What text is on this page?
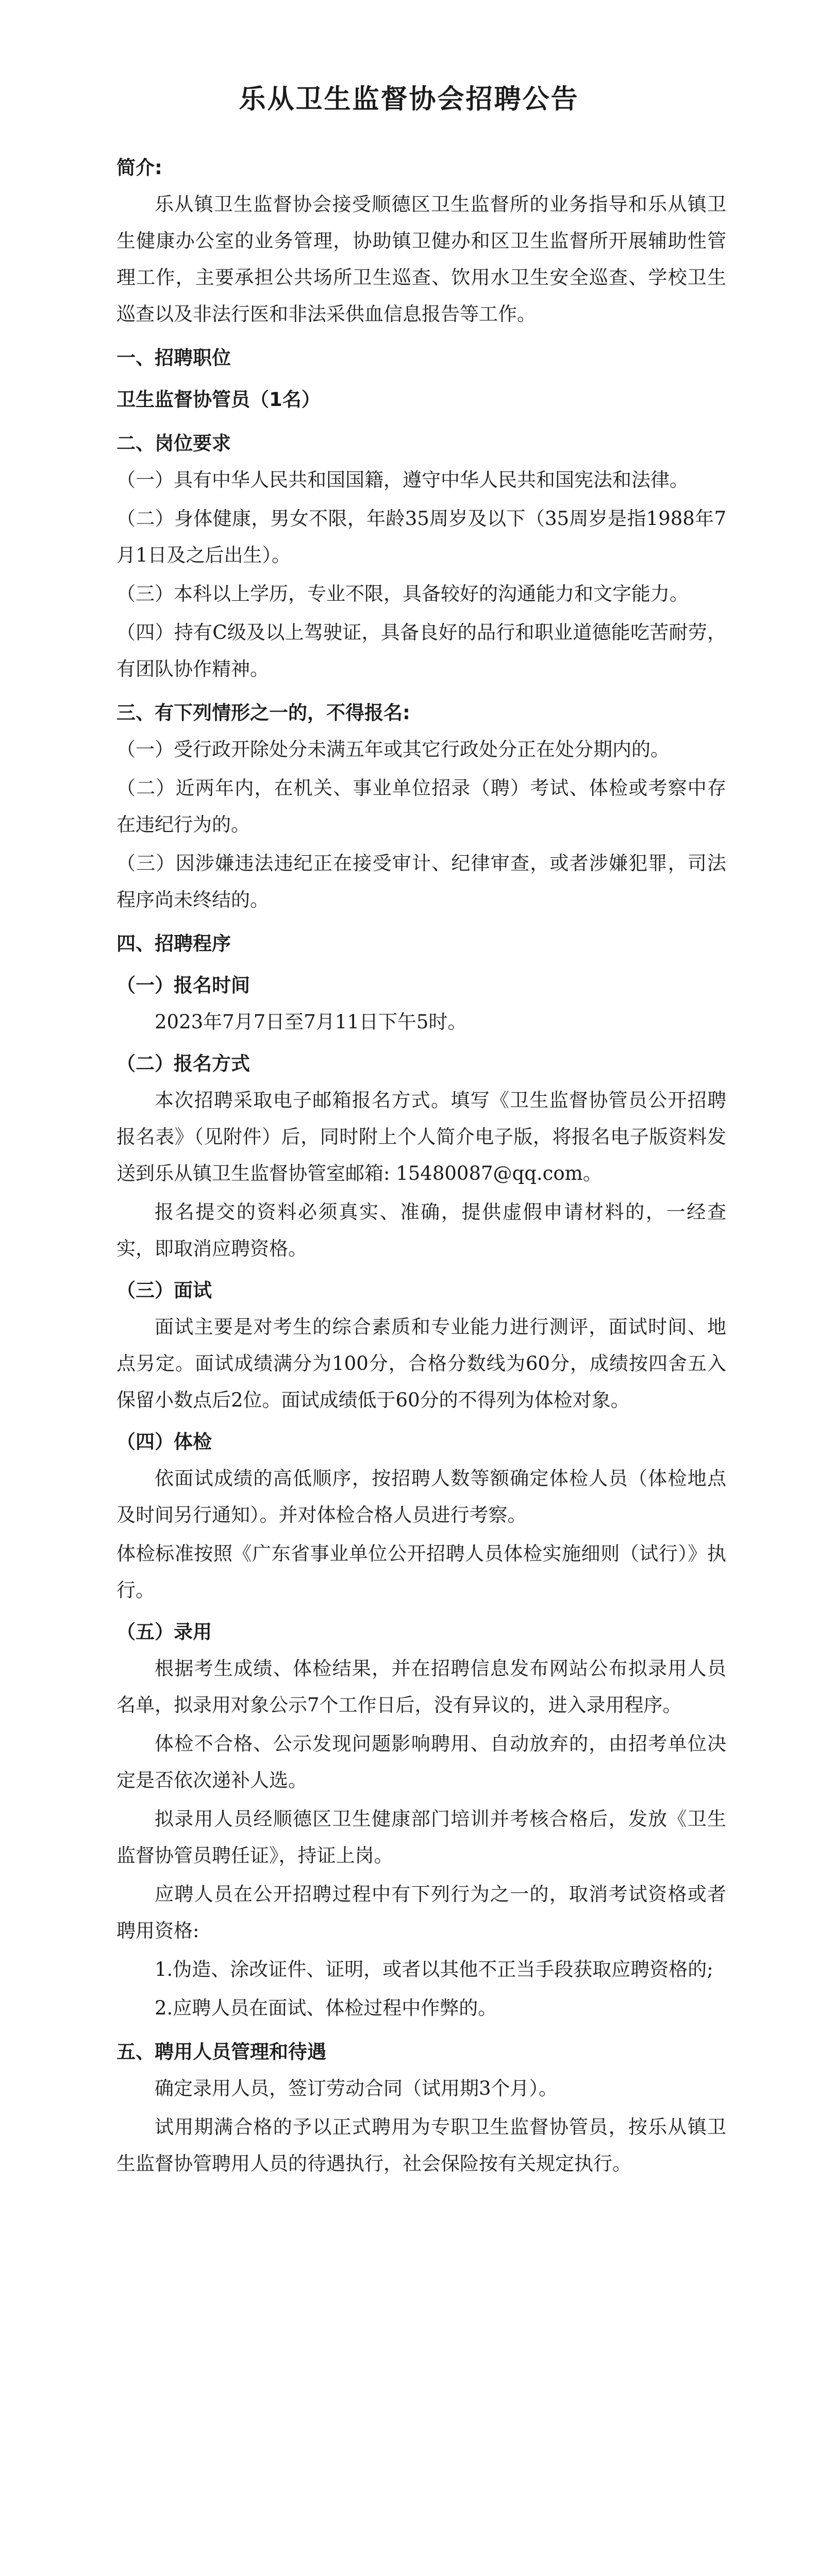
乐从卫生监督协会招聘公告

简介:

乐从镇卫生监督协会接受顺德区卫生监督所的业务指导和乐从镇卫生健康办公室的业务管理，协助镇卫健办和区卫生监督所开展辅助性管理工作，主要承担公共场所卫生巡查、饮用水卫生安全巡查、学校卫生巡查以及非法行医和非法采供血信息报告等工作。

一、招聘职位

卫生监督协管员（1名）

二、岗位要求

（一）具有中华人民共和国国籍，遵守中华人民共和国宪法和法律。

（二）身体健康，男女不限，年龄35周岁及以下（35周岁是指1988年7月1日及之后出生）。

（三）本科以上学历，专业不限，具备较好的沟通能力和文字能力。

（四）持有C级及以上驾驶证，具备良好的品行和职业道德能吃苦耐劳，有团队协作精神。

三、有下列情形之一的，不得报名:

（一）受行政开除处分未满五年或其它行政处分正在处分期内的。

（二）近两年内，在机关、事业单位招录（聘）考试、体检或考察中存在违纪行为的。

（三）因涉嫌违法违纪正在接受审计、纪律审查，或者涉嫌犯罪，司法程序尚未终结的。

四、招聘程序

（一）报名时间

2023年7月7日至7月11日下午5时。

（二）报名方式

本次招聘采取电子邮箱报名方式。填写《卫生监督协管员公开招聘报名表》（见附件）后，同时附上个人简介电子版，将报名电子版资料发送到乐从镇卫生监督协管室邮箱: 15480087@qq.com。

报名提交的资料必须真实、准确，提供虚假申请材料的，一经查实，即取消应聘资格。

（三）面试

面试主要是对考生的综合素质和专业能力进行测评，面试时间、地点另定。面试成绩满分为100分，合格分数线为60分，成绩按四舍五入保留小数点后2位。面试成绩低于60分的不得列为体检对象。

（四）体检

依面试成绩的高低顺序，按招聘人数等额确定体检人员（体检地点及时间另行通知）。并对体检合格人员进行考察。

体检标准按照《广东省事业单位公开招聘人员体检实施细则（试行）》执行。

（五）录用

根据考生成绩、体检结果，并在招聘信息发布网站公布拟录用人员名单，拟录用对象公示7个工作日后，没有异议的，进入录用程序。

体检不合格、公示发现问题影响聘用、自动放弃的，由招考单位决定是否依次递补人选。

拟录用人员经顺德区卫生健康部门培训并考核合格后，发放《卫生监督协管员聘任证》，持证上岗。

应聘人员在公开招聘过程中有下列行为之一的，取消考试资格或者聘用资格:

1.伪造、涂改证件、证明，或者以其他不正当手段获取应聘资格的;

2.应聘人员在面试、体检过程中作弊的。

五、聘用人员管理和待遇

确定录用人员，签订劳动合同（试用期3个月）。

试用期满合格的予以正式聘用为专职卫生监督协管员，按乐从镇卫生监督协管聘用人员的待遇执行，社会保险按有关规定执行。
